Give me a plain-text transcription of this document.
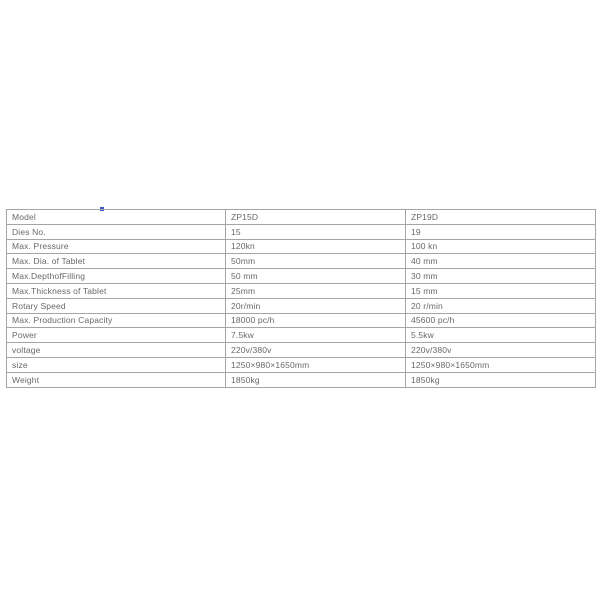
Model	ZP15D	ZP19D
Dies No.	15	19
Max. Pressure	120kn	100 kn
Max. Dia. of Tablet	50mm	40 mm
Max.DepthofFilling	50 mm	30 mm
Max.Thickness of Tablet	25mm	15 mm
Rotary Speed	20r/min	20 r/min
Max. Production Capacity	18000 pc/h	45600 pc/h
Power	7.5kw	5.5kw
voltage	220v/380v	220v/380v
size	1250×980×1650mm	1250×980×1650mm
Weight	1850kg	1850kg
